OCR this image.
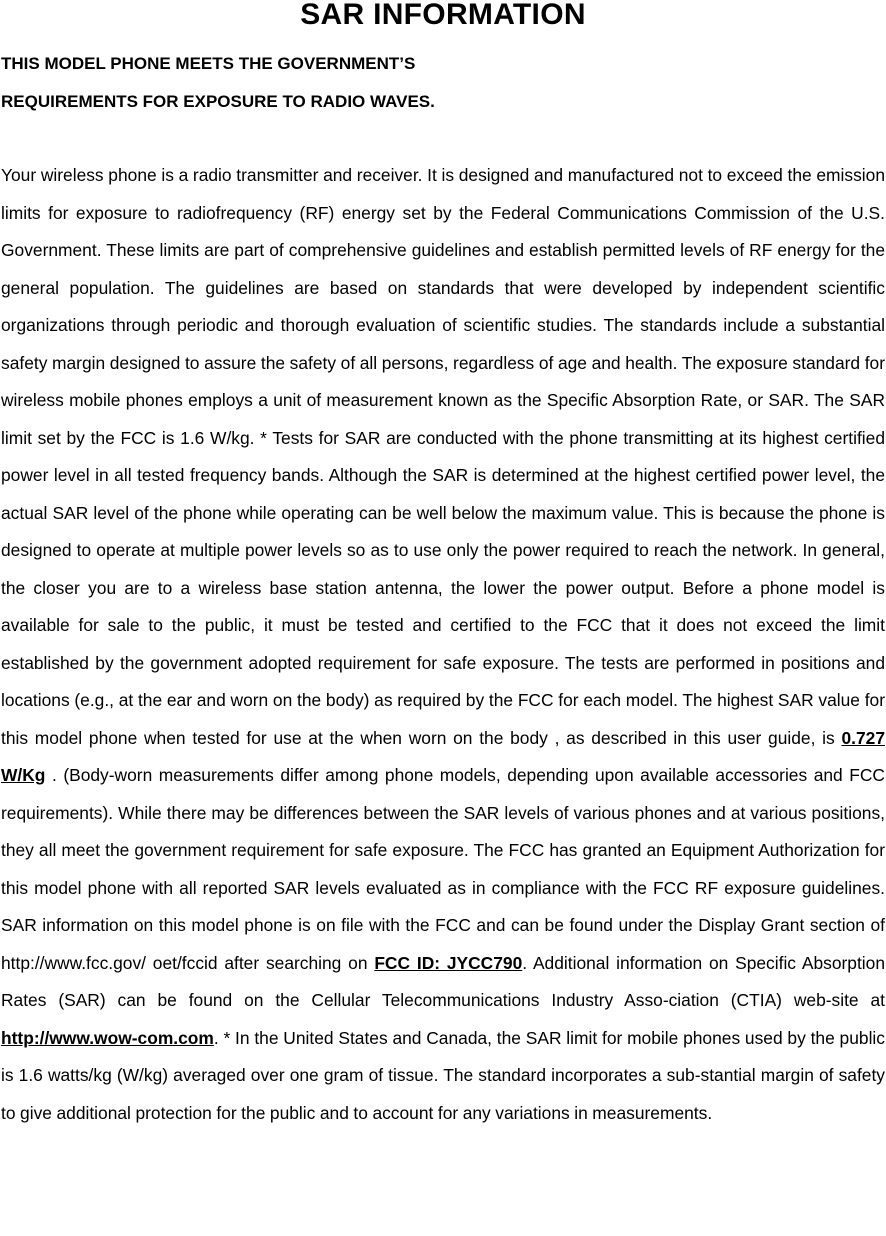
SAR INFORMATION
THIS MODEL PHONE MEETS THE GOVERNMENT’S
REQUIREMENTS FOR EXPOSURE TO RADIO WAVES.

Your wireless phone is a radio transmitter and receiver. It is designed and manufactured not to exceed the emission limits for exposure to radiofrequency (RF) energy set by the Federal Communications Commission of the U.S. Government. These limits are part of comprehensive guidelines and establish permitted levels of RF energy for the general population. The guidelines are based on standards that were developed by independent scientific organizations through periodic and thorough evaluation of scientific studies. The standards include a substantial safety margin designed to assure the safety of all persons, regardless of age and health. The exposure standard for wireless mobile phones employs a unit of measurement known as the Specific Absorption Rate, or SAR. The SAR limit set by the FCC is 1.6 W/kg. * Tests for SAR are conducted with the phone transmitting at its highest certified power level in all tested frequency bands. Although the SAR is determined at the highest certified power level, the actual SAR level of the phone while operating can be well below the maximum value. This is because the phone is designed to operate at multiple power levels so as to use only the power required to reach the network. In general, the closer you are to a wireless base station antenna, the lower the power output. Before a phone model is available for sale to the public, it must be tested and certified to the FCC that it does not exceed the limit established by the government adopted requirement for safe exposure. The tests are performed in positions and locations (e.g., at the ear and worn on the body) as required by the FCC for each model. The highest SAR value for this model phone when tested for use at the when worn on the body , as described in this user guide, is 0.727 W/Kg . (Body-worn measurements differ among phone models, depending upon available accessories and FCC requirements). While there may be differences between the SAR levels of various phones and at various positions, they all meet the government requirement for safe exposure. The FCC has granted an Equipment Authorization for this model phone with all reported SAR levels evaluated as in compliance with the FCC RF exposure guidelines. SAR information on this model phone is on file with the FCC and can be found under the Display Grant section of http://www.fcc.gov/ oet/fccid after searching on FCC ID: JYCC790. Additional information on Specific Absorption Rates (SAR) can be found on the Cellular Telecommunications Industry Asso-ciation (CTIA) web-site at http://www.wow-com.com. * In the United States and Canada, the SAR limit for mobile phones used by the public is 1.6 watts/kg (W/kg) averaged over one gram of tissue. The standard incorporates a sub-stantial margin of safety to give additional protection for the public and to account for any variations in measurements.
